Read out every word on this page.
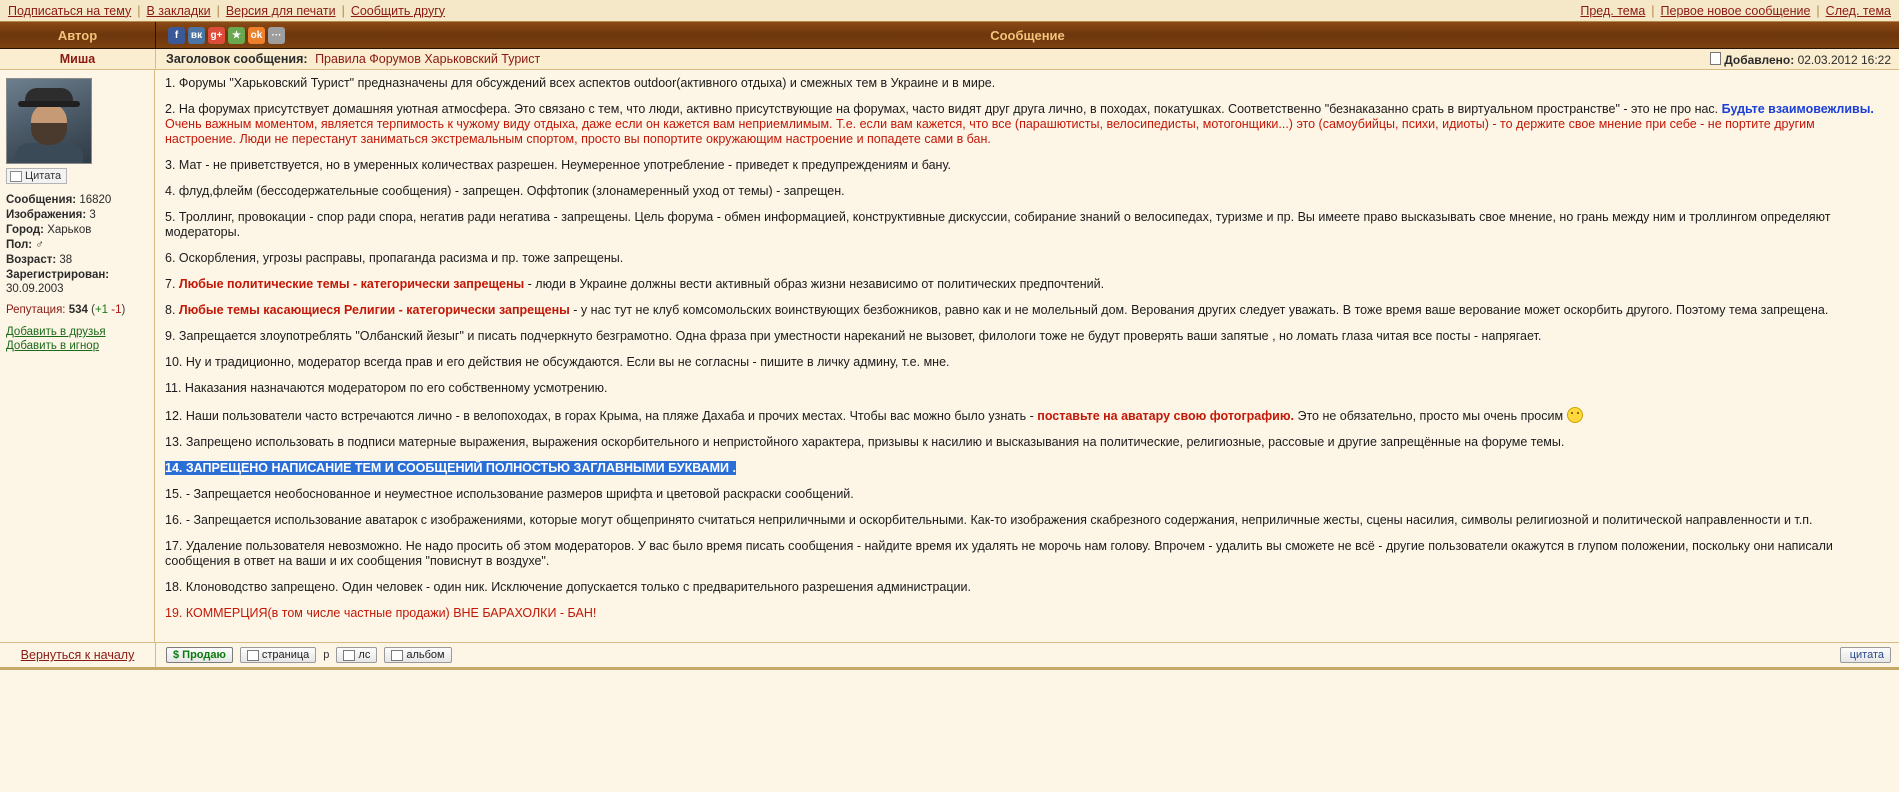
Подписаться на тему | В закладки | Версия для печати | Сообщить другу	Пред. тема | Первое новое сообщение | След. тема
Автор	f	вк g+ ★ ok ···	Сообщение
Миша	Заголовок сообщения: Правила Форумов Харьковский Турист	Добавлено: 02.03.2012 16:22
Цитата
Сообщения: 16820
Изображения: 3
Город: Харьков
Пол: ♂
Возраст: 38
Зарегистрирован: 30.09.2003
Репутация: 534 (+1 -1)
Добавить в друзья
Добавить в игнор

1. Форумы "Харьковский Турист" предназначены для обсуждений всех аспектов outdoor(активного отдыха) и смежных тем в Украине и в мире.

2. На форумах присутствует домашняя уютная атмосфера. Это связано с тем, что люди, активно присутствующие на форумах, часто видят друг друга лично, в походах, покатушках. Соответственно "безнаказанно срать в виртуальном пространстве" - это не про нас. Будьте взаимовежливы.
Очень важным моментом, является терпимость к чужому виду отдыха, даже если он кажется вам неприемлимым. Т.е. если вам кажется, что все (парашютисты, велосипедисты, мотогонщики...) это (самоубийцы, психи, идиоты) - то держите свое мнение при себе - не портите другим настроение. Люди не перестанут заниматься экстремальным спортом, просто вы попортите окружающим настроение и попадете сами в бан.

3. Мат - не приветствуется, но в умеренных количествах разрешен. Неумеренное употребление - приведет к предупреждениям и бану.

4. флуд,флейм (бессодержательные сообщения) - запрещен. Оффтопик (злонамеренный уход от темы) - запрещен.

5. Троллинг, провокации - спор ради спора, негатив ради негатива - запрещены. Цель форума - обмен информацией, конструктивные дискуссии, собирание знаний о велосипедах, туризме и пр. Вы имеете право высказывать свое мнение, но грань между ним и троллингом определяют модераторы.

6. Оскорбления, угрозы расправы, пропаганда расизма и пр. тоже запрещены.

7. Любые политические темы - категорически запрещены - люди в Украине должны вести активный образ жизни независимо от политических предпочтений.

8. Любые темы касающиеся Религии - категорически запрещены - у нас тут не клуб комсомольских воинствующих безбожников, равно как и не молельный дом. Верования других следует уважать. В тоже время ваше верование может оскорбить другого. Поэтому тема запрещена.

9. Запрещается злоупотреблять "Олбанский йезыг" и писать подчеркнуто безграмотно. Одна фраза при уместности нареканий не вызовет, филологи тоже не будут проверять ваши запятые , но ломать глаза читая все посты - напрягает.

10. Ну и традиционно, модератор всегда прав и его действия не обсуждаются. Если вы не согласны - пишите в личку админу, т.е. мне.

11. Наказания назначаются модератором по его собственному усмотрению.

12. Наши пользователи часто встречаются лично - в велопоходах, в горах Крыма, на пляже Дахаба и прочих местах. Чтобы вас можно было узнать - поставьте на аватару свою фотографию. Это не обязательно, просто мы очень просим

13. Запрещено использовать в подписи матерные выражения, выражения оскорбительного и непристойного характера, призывы к насилию и высказывания на политические, религиозные, рассовые и другие запрещённые на форуме темы.

14. ЗАПРЕЩЕНО НАПИСАНИЕ ТЕМ И СООБЩЕНИЙ ПОЛНОСТЬЮ ЗАГЛАВНЫМИ БУКВАМИ .

15. - Запрещается необоснованное и неуместное использование размеров шрифта и цветовой раскраски сообщений.

16. - Запрещается использование аватарок с изображениями, которые могут общепринято считаться неприличными и оскорбительными. Как-то изображения скабрезного содержания, неприличные жесты, сцены насилия, символы религиозной и политической направленности и т.п.

17. Удаление пользователя невозможно. Не надо просить об этом модераторов. У вас было время писать сообщения - найдите время их удалять не морочь нам голову. Впрочем - удалить вы сможете не всё - другие пользователи окажутся в глупом положении, поскольку они написали сообщения в ответ на ваши и их сообщения "повиснут в воздухе".

18. Клоноводство запрещено. Один человек - один ник. Исключение допускается только с предварительного разрешения администрации.

19. КОММЕРЦИЯ(в том числе частные продажи) ВНЕ БАРАХОЛКИ - БАН!

Вернуться к началу	$ Продаю	страница р	лс	альбом	цитата
